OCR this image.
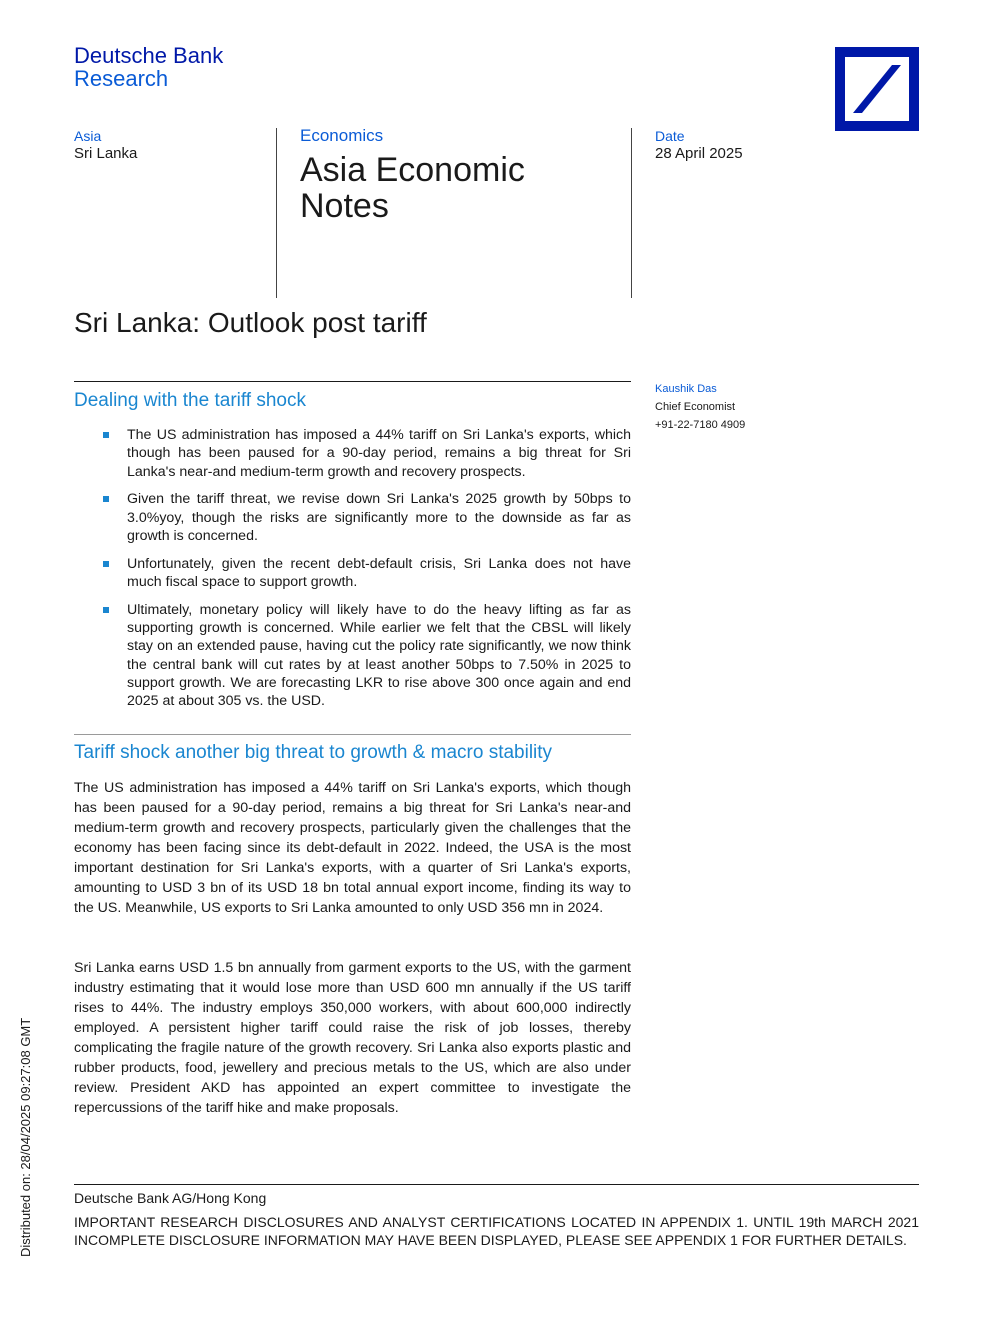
Deutsche Bank
Research
Asia
Sri Lanka
Economics
Asia Economic Notes
Date
28 April 2025
Sri Lanka: Outlook post tariff
Dealing with the tariff shock
The US administration has imposed a 44% tariff on Sri Lanka's exports, which though has been paused for a 90-day period, remains a big threat for Sri Lanka's near-and medium-term growth and recovery prospects.
Given the tariff threat, we revise down Sri Lanka's 2025 growth by 50bps to 3.0%yoy, though the risks are significantly more to the downside as far as growth is concerned.
Unfortunately, given the recent debt-default crisis, Sri Lanka does not have much fiscal space to support growth.
Ultimately, monetary policy will likely have to do the heavy lifting as far as supporting growth is concerned. While earlier we felt that the CBSL will likely stay on an extended pause, having cut the policy rate significantly, we now think the central bank will cut rates by at least another 50bps to 7.50% in 2025 to support growth. We are forecasting LKR to rise above 300 once again and end 2025 at about 305 vs. the USD.
Tariff shock another big threat to growth & macro stability

The US administration has imposed a 44% tariff on Sri Lanka's exports, which though has been paused for a 90-day period, remains a big threat for Sri Lanka's near-and medium-term growth and recovery prospects, particularly given the challenges that the economy has been facing since its debt-default in 2022. Indeed, the USA is the most important destination for Sri Lanka's exports, with a quarter of Sri Lanka's exports, amounting to USD 3 bn of its USD 18 bn total annual export income, finding its way to the US. Meanwhile, US exports to Sri Lanka amounted to only USD 356 mn in 2024.

Sri Lanka earns USD 1.5 bn annually from garment exports to the US, with the garment industry estimating that it would lose more than USD 600 mn annually if the US tariff rises to 44%. The industry employs 350,000 workers, with about 600,000 indirectly employed. A persistent higher tariff could raise the risk of job losses, thereby complicating the fragile nature of the growth recovery. Sri Lanka also exports plastic and rubber products, food, jewellery and precious metals to the US, which are also under review. President AKD has appointed an expert committee to investigate the repercussions of the tariff hike and make proposals.

Kaushik Das
Chief Economist
+91-22-7180 4909
Distributed on: 28/04/2025 09:27:08 GMT	Deutsche Bank AG/Hong Kong
IMPORTANT RESEARCH DISCLOSURES AND ANALYST CERTIFICATIONS LOCATED IN APPENDIX 1. UNTIL 19th MARCH 2021 INCOMPLETE DISCLOSURE INFORMATION MAY HAVE BEEN DISPLAYED, PLEASE SEE APPENDIX 1 FOR FURTHER DETAILS.
